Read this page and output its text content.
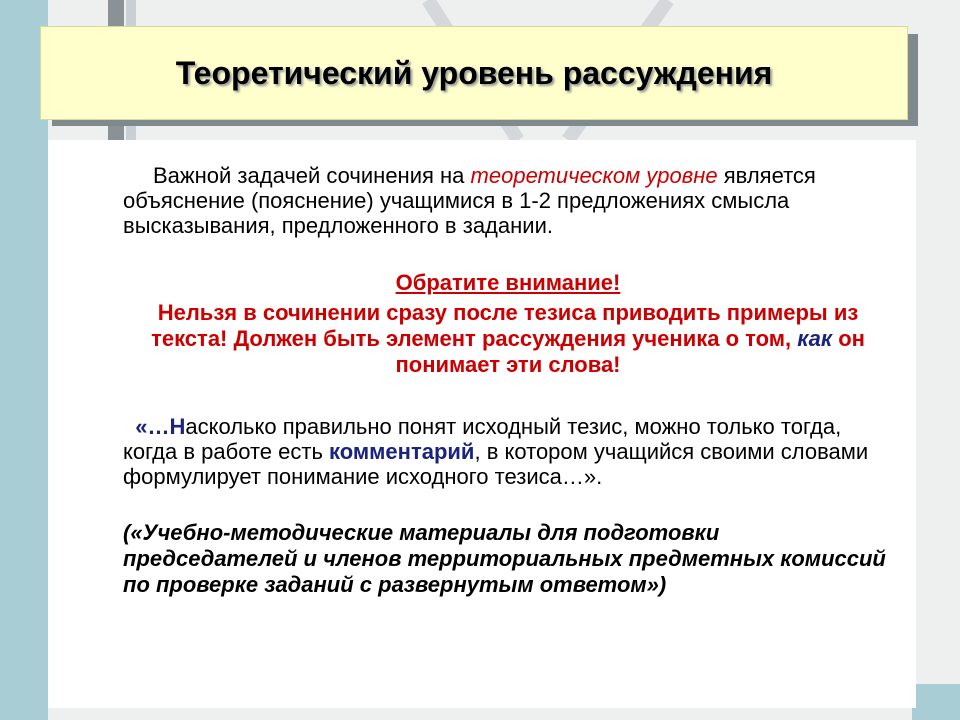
Теоретический уровень рассуждения

Важной задачей сочинения на теоретическом уровне является объяснение (пояснение) учащимися в 1-2 предложениях смысла высказывания, предложенного в задании.

Обратите внимание!
Нельзя в сочинении сразу после тезиса приводить примеры из текста! Должен быть элемент рассуждения ученика о том, как он понимает эти слова!
«…Насколько правильно понят исходный тезис, можно только тогда, когда в работе есть комментарий, в котором учащийся своими словами формулирует понимание исходного тезиса…».
(«Учебно-методические материалы для подготовки председателей и членов территориальных предметных комиссий по проверке заданий с развернутым ответом»)
